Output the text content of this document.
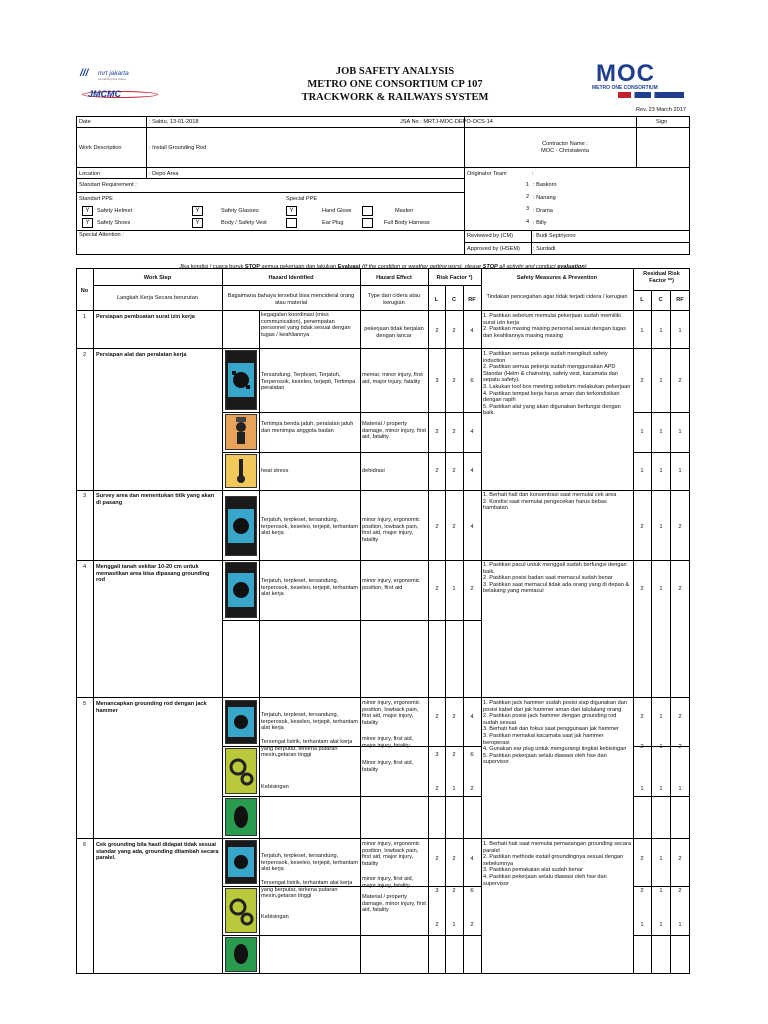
/// mrt jakarta
connecting the future
JMCMC
JOB SAFETY ANALYSIS
METRO ONE CONSORTIUM CP 107
TRACKWORK & RAILWAYS SYSTEM
MOC
METRO ONE CONSORTIUM
Rev. 23 March 2017
Date	: Sabtu, 13-01-2018	JSA No : MRTJ-MOC-DEPO-OCS-14	Sign
Work Description	: Install Grounding Rod
Contractor Name :
MOC - Christalenta
Location	: Depo Area	Originator Team	:
1 : Baskoro
2 : Nanang
3 : Drama
4 : Billy
Standart Requirement :
Standart PPE	Special PPE
Y	Safety Helmet	Y	Safety Glasses	Y	Hand Glove	Masker
Y	Safety Shoes	Y	Body / Safety Vest	Ear Plug	Full Body Harness
Special Attention :	Reviewed by (CM)	: Budi Septriyono
Approved by (HSEM) : Surdadi

Jika kondisi / cuaca buruk STOP semua pekerjaan dan lakukan Evaluasi (If the condition or weather getting worst, please STOP all activity and conduct evaluation)

No
Work Step
Langkah Kerja Secara berurutan
Hazard Identified
Bagaimana bahaya tersebut bisa mencideral orang atau material
Hazard Effect
Type dari cidera atau kerugian
Risk Factor *)
L	C	RF
Safety Measures & Prevention
Tindakan pencegahan agar tidak terjadi cidera / kerugian
Residual Risk Factor **)
L	C	RF
1	Persiapan pembuatan surat izin kerja	kegagalan koordinasi (miss communication), penempatan personnel yang tidak sesuai dengan tugas / keahliannya
pekerjaan tidak berjalan dengan lancar
2	2	4
1. Pastikan sebelum memulai pekerjaan sudah memiliki surat izin kerja
2. Pastikan masing masing personal sesuai dengan tugas dan keahliannya masing masing
1	1	1
2	Persiapan alat dan peralatan kerja
Tersandung, Terpleset, Terjatuh, Terperosok, keseleo, terjepit, Tertimpa peralatan
memar, minor injury, first aid, major injury, fatality	3	2	6
1. Pastikan semua pekerja sudah mengikuti safety induction
2. Pastikan semua pekerja sudah menggunakan APD Standar (Helm & chainstrip, safety vest, kacamata dan sepatu safety).
3. Lakukan tool box meeting sebelum melakukan pekerjaan
4. Pastikan tempat kerja harus aman dan terkondisikan dengan rapih
5. Pastikan alat yang akan digunakan berfungsi dengan baik.
2	1	2
Tertimpa benda jatuh, peralatan jatuh dan menimpa anggota badan
Material / property damage, minor injury, first aid, fatality
2	2	4	1	1	1
heat stress	dehidrasi	2	2	4	1	1	1
3	Survey area dan menentukan titik yang akan di pasang
Terjatuh, terpleset, tersandung, terperosok, keseleo, terjepit, terhantam alat kerja
minor injury, ergonomic position, lowback pain, first aid, major injury, fatality
2	2	4
1. Berhati hati dan konsentrasi saat memulai cek area
2. Kondisi saat memulai pengecekan harus bebas hambatan
2	1	2
4	Menggali tanah sekitar 10-20 cm untuk memastikan area bisa dipasang grounding rod	Terjatuh, terpleset, tersandung, terperosok, keseleo, terjepit, terhantam alat kerja
minor injury, ergonomic position, first aid	2	1	2
1. Pastikan pacul untuk menggali sudah berfungsi dengan baik.
2. Pastikan posisi badan saat memacul sudah benar
3. Pastikan saat memacul tidak ada orang yang di depan & belakang yang memacul	2	1	2
5	Menancapkan grounding rod dengan jack hammer
Terjatuh, terpleset, tersandung, terperosok, keseleo, terjepit, terhantam alat kerja
minor injury, ergonomic position, lowback pain, first aid, major injury, fatality
2	2	4
1. Pastikan jack hammer sudah posisi siap digunakan dan posisi kabel dari jak hammer aman dari lalulalang orang
2. Pastikan posisi jack hammer dengan grounding rod sudah sesuai
3. Berhati hati dan fokus saat penggunaan jak hammer
3. Pastikan memakai kacamata saat jak hammer beroperasi
4. Gunakan ear plug untuk mengurangi tingkat kebisingan
5. Pastikan pekerjaan selalu diawasi oleh hse dan supervisor
2	1	2
Tersengat listrik, terhantam alat kerja yang berputar, terkena putaran mesin,getaran tinggi
minor injury, first aid, major injury, fatality
Minor injury, first aid, fatality
3	2	6
2	1	2
Kebisingan	2	1	2	1	1	1
6	Cek grounding bila hasil didapat tidak sesuai standar yang ada, grounding ditambah secara paralel.	Terjatuh, terpleset, tersandung, terperosok, keseleo, terjepit, terhantam alat kerja
minor injury, ergonomic position, lowback pain, first aid, major injury, fatality
2	2	4
1. Berhati hati saat memulai pemasangan grounding secara paralel
2. Pastikan methode install groundingnya sesuai dengan sebelumnya
3. Pastikan pemakaian alat sudah benar
4. Pastikan pekerjaan selalu diawasi oleh hse dan supervisor
2	1	2
Tersengat listrik, terhantam alat kerja yang berputar, terkena putaran mesin,getaran tinggi
minor injury, first aid, major injury, fatality
Material / property damage, minor injury, first aid, fatality
3	2	6	2	1	2
Kebisingan
2	1	2	1	1	1
